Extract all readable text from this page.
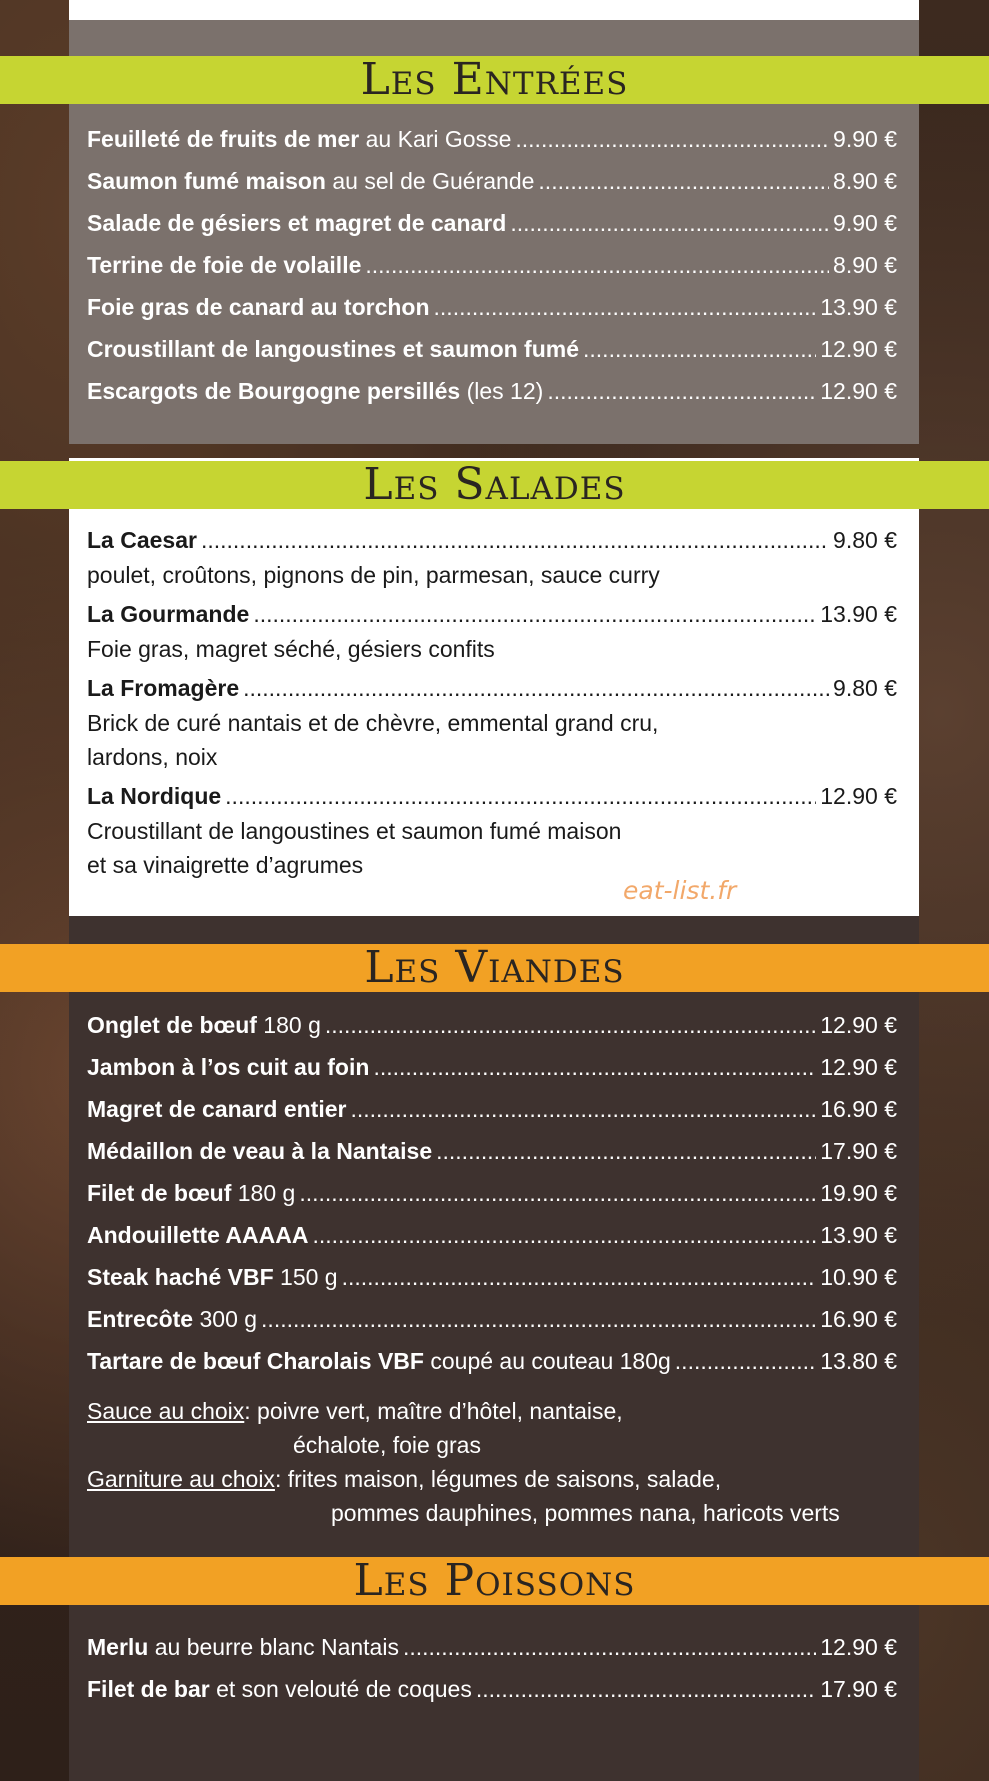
Les Entrées
Feuilleté de fruits de mer au Kari Gosse .....	9.90 €
Saumon fumé maison au sel de Guérande .....	8.90 €
Salade de gésiers et magret de canard .....	9.90 €
Terrine de foie de volaille .....	8.90 €
Foie gras de canard au torchon .....	13.90 €
Croustillant de langoustines et saumon fumé .....	12.90 €
Escargots de Bourgogne persillés (les 12) .....	12.90 €
Les Salades
La Caesar .....	9.80 €
poulet, croûtons, pignons de pin, parmesan, sauce curry
La Gourmande .....	13.90 €
Foie gras, magret séché, gésiers confits
La Fromagère .....	9.80 €
Brick de curé nantais et de chèvre, emmental grand cru,
lardons, noix
La Nordique .....	12.90 €
Croustillant de langoustines et saumon fumé maison
et sa vinaigrette d’agrumes
eat-list.fr
Les Viandes
Onglet de bœuf 180 g .....	12.90 €
Jambon à l’os cuit au foin .....	12.90 €
Magret de canard entier .....	16.90 €
Médaillon de veau à la Nantaise .....	17.90 €
Filet de bœuf 180 g .....	19.90 €
Andouillette AAAAA .....	13.90 €
Steak haché VBF 150 g .....	10.90 €
Entrecôte 300 g .....	16.90 €
Tartare de bœuf Charolais VBF coupé au couteau 180g .....	13.80 €
Sauce au choix : poivre vert, maître d’hôtel, nantaise,
échalote, foie gras
Garniture au choix : frites maison, légumes de saisons, salade,
pommes dauphines, pommes nana, haricots verts
Les Poissons
Merlu au beurre blanc Nantais .....	12.90 €
Filet de bar et son velouté de coques .....	17.90 €
